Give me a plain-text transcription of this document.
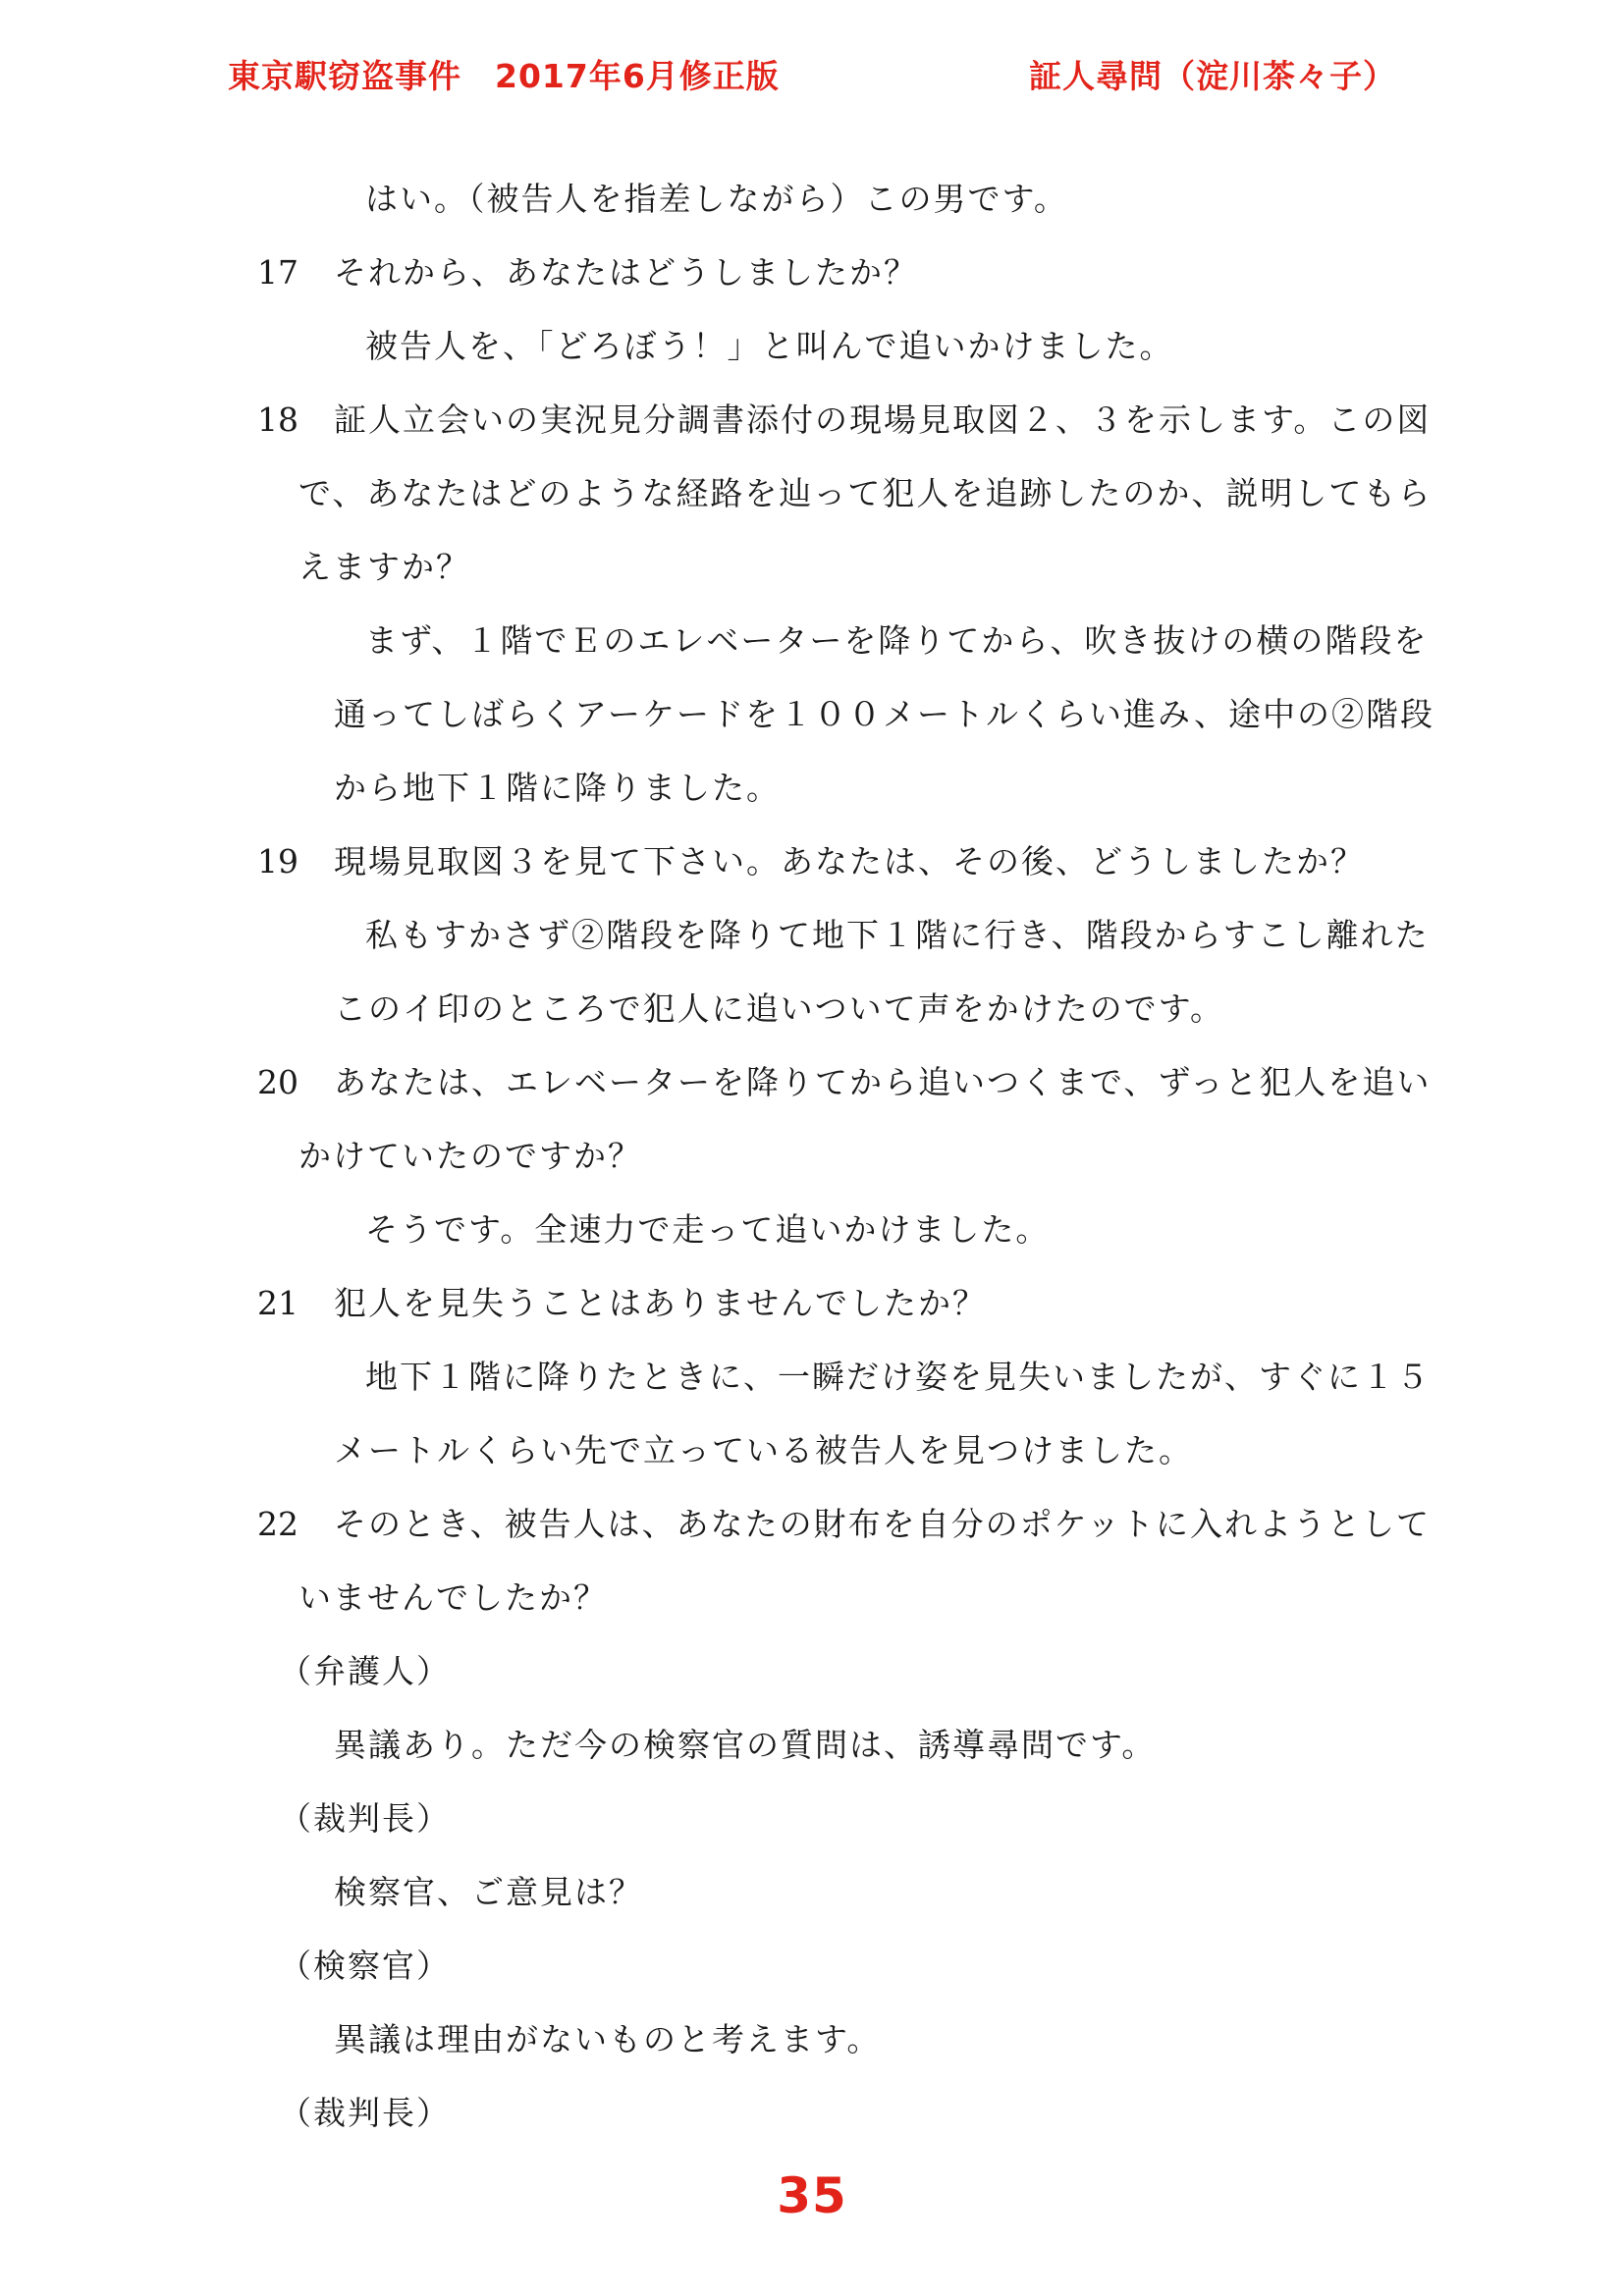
東京駅窃盗事件　2017年6月修正版	証人尋問（淀川茶々子）
はい。（被告人を指差しながら）この男です。
17 それから、あなたはどうしましたか？
被告人を、「どろぼう！」と叫んで追いかけました。
18 証人立会いの実況見分調書添付の現場見取図２、３を示します。この図
で、あなたはどのような経路を辿って犯人を追跡したのか、説明してもら
えますか？
まず、１階でＥのエレベーターを降りてから、吹き抜けの横の階段を
通ってしばらくアーケードを１００メートルくらい進み、途中の②階段
から地下１階に降りました。
19 現場見取図３を見て下さい。あなたは、その後、どうしましたか？
私もすかさず②階段を降りて地下１階に行き、階段からすこし離れた
このイ印のところで犯人に追いついて声をかけたのです。
20 あなたは、エレベーターを降りてから追いつくまで、ずっと犯人を追い
かけていたのですか？
そうです。全速力で走って追いかけました。
21 犯人を見失うことはありませんでしたか？
地下１階に降りたときに、一瞬だけ姿を見失いましたが、すぐに１５
メートルくらい先で立っている被告人を見つけました。
22 そのとき、被告人は、あなたの財布を自分のポケットに入れようとして
いませんでしたか？
（弁護人）
異議あり。ただ今の検察官の質問は、誘導尋問です。
（裁判長）
検察官、ご意見は？
（検察官）
異議は理由がないものと考えます。
（裁判長）
35
